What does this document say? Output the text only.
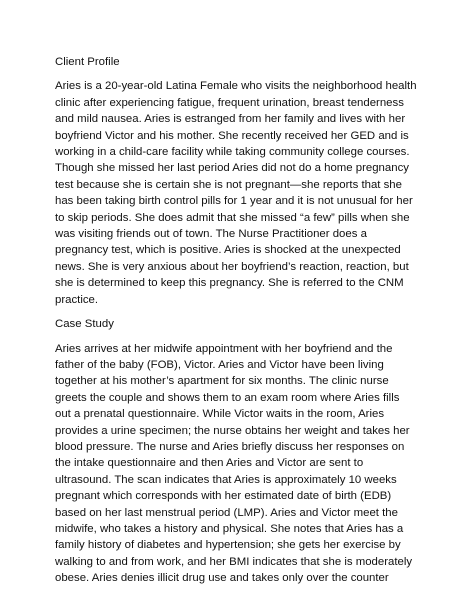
Client Profile
Aries is a 20-year-old Latina Female who visits the neighborhood health
clinic after experiencing fatigue, frequent urination, breast tenderness
and mild nausea. Aries is estranged from her family and lives with her
boyfriend Victor and his mother. She recently received her GED and is
working in a child-care facility while taking community college courses.
Though she missed her last period Aries did not do a home pregnancy
test because she is certain she is not pregnant—she reports that she
has been taking birth control pills for 1 year and it is not unusual for her
to skip periods. She does admit that she missed “a few” pills when she
was visiting friends out of town. The Nurse Practitioner does a
pregnancy test, which is positive. Aries is shocked at the unexpected
news. She is very anxious about her boyfriend’s reaction, reaction, but
she is determined to keep this pregnancy. She is referred to the CNM
practice.
Case Study
Aries arrives at her midwife appointment with her boyfriend and the
father of the baby (FOB), Victor. Aries and Victor have been living
together at his mother’s apartment for six months. The clinic nurse
greets the couple and shows them to an exam room where Aries fills
out a prenatal questionnaire. While Victor waits in the room, Aries
provides a urine specimen; the nurse obtains her weight and takes her
blood pressure. The nurse and Aries briefly discuss her responses on
the intake questionnaire and then Aries and Victor are sent to
ultrasound. The scan indicates that Aries is approximately 10 weeks
pregnant which corresponds with her estimated date of birth (EDB)
based on her last menstrual period (LMP). Aries and Victor meet the
midwife, who takes a history and physical. She notes that Aries has a
family history of diabetes and hypertension; she gets her exercise by
walking to and from work, and her BMI indicates that she is moderately
obese. Aries denies illicit drug use and takes only over the counter
